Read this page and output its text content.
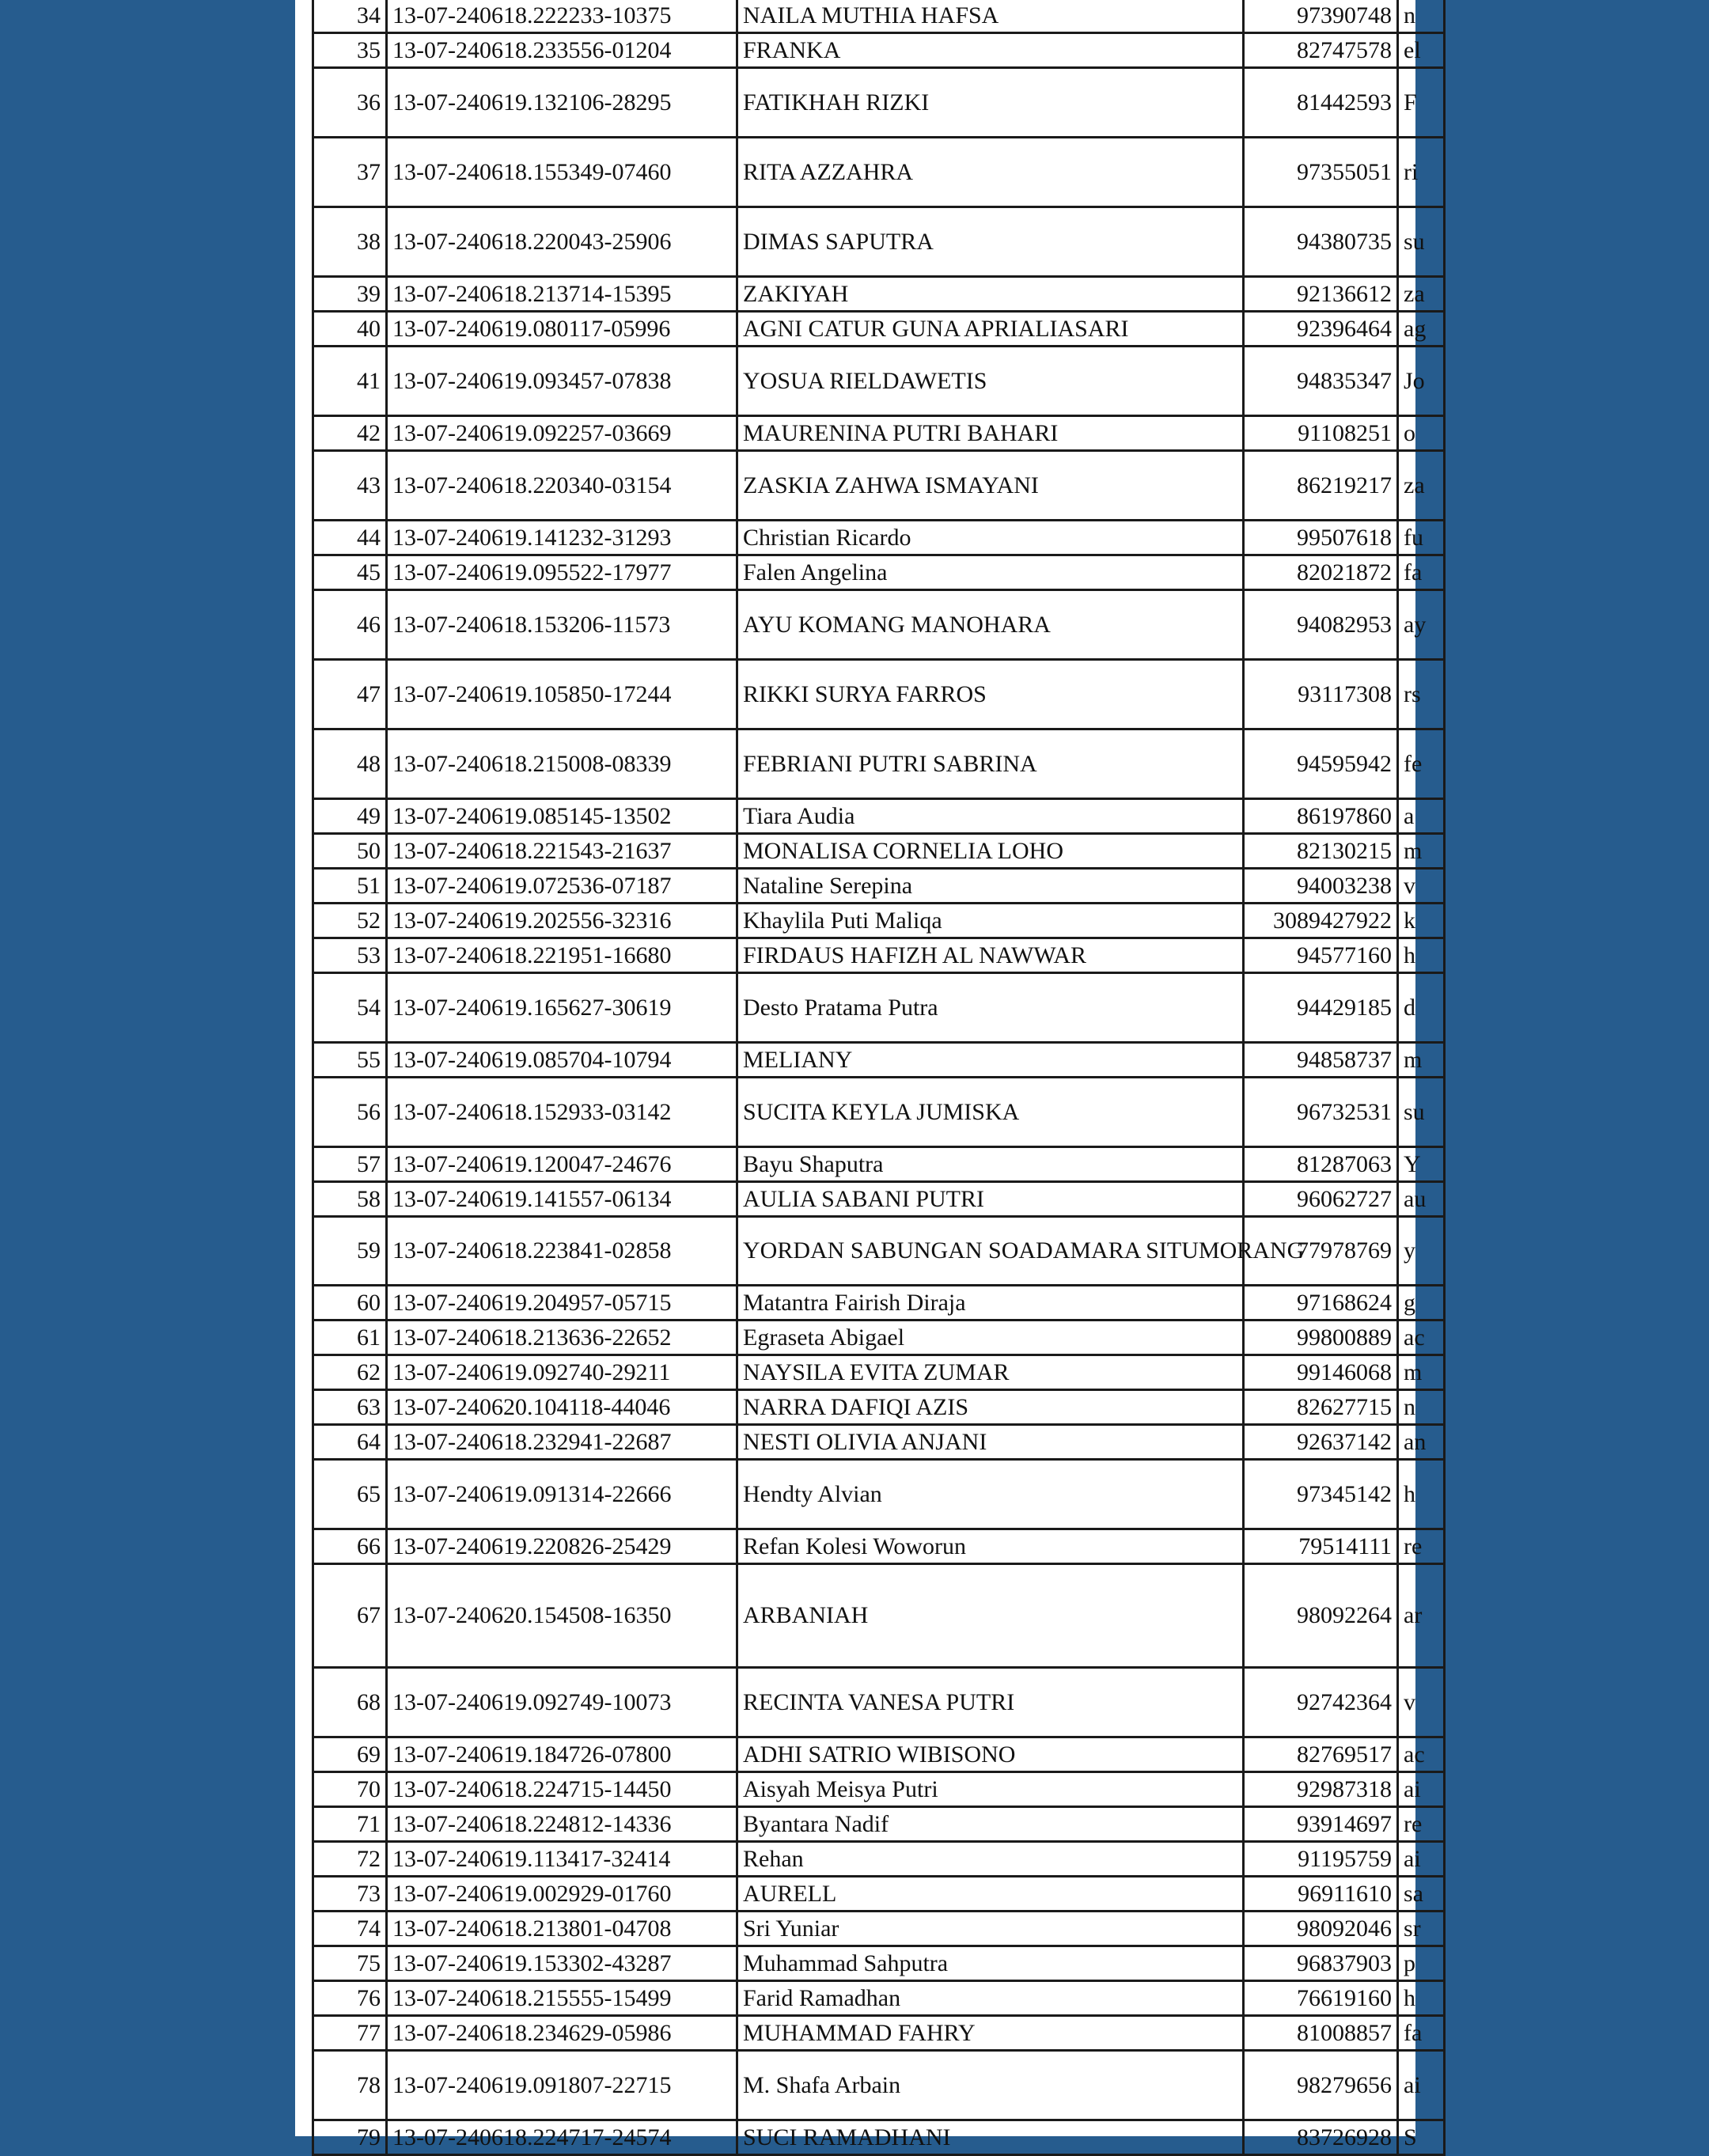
34	13-07-240618.222233-10375	NAILA MUTHIA HAFSA	97390748	n
35	13-07-240618.233556-01204	FRANKA	82747578	el
36	13-07-240619.132106-28295	FATIKHAH RIZKI	81442593	F
37	13-07-240618.155349-07460	RITA AZZAHRA	97355051	ri
38	13-07-240618.220043-25906	DIMAS SAPUTRA	94380735	su
39	13-07-240618.213714-15395	ZAKIYAH	92136612	za
40	13-07-240619.080117-05996	AGNI CATUR GUNA APRIALIASARI	92396464	ag
41	13-07-240619.093457-07838	YOSUA RIELDAWETIS	94835347	Jo
42	13-07-240619.092257-03669	MAURENINA PUTRI BAHARI	91108251	o
43	13-07-240618.220340-03154	ZASKIA ZAHWA ISMAYANI	86219217	za
44	13-07-240619.141232-31293	Christian Ricardo	99507618	fu
45	13-07-240619.095522-17977	Falen Angelina	82021872	fa
46	13-07-240618.153206-11573	AYU KOMANG MANOHARA	94082953	ay
47	13-07-240619.105850-17244	RIKKI SURYA FARROS	93117308	rs
48	13-07-240618.215008-08339	FEBRIANI PUTRI SABRINA	94595942	fe
49	13-07-240619.085145-13502	Tiara Audia	86197860	a
50	13-07-240618.221543-21637	MONALISA CORNELIA LOHO	82130215	m
51	13-07-240619.072536-07187	Nataline Serepina	94003238	v
52	13-07-240619.202556-32316	Khaylila Puti Maliqa	3089427922	k
53	13-07-240618.221951-16680	FIRDAUS HAFIZH AL NAWWAR	94577160	h
54	13-07-240619.165627-30619	Desto Pratama Putra	94429185	d
55	13-07-240619.085704-10794	MELIANY	94858737	m
56	13-07-240618.152933-03142	SUCITA KEYLA JUMISKA	96732531	su
57	13-07-240619.120047-24676	Bayu Shaputra	81287063	Y
58	13-07-240619.141557-06134	AULIA SABANI PUTRI	96062727	au
59	13-07-240618.223841-02858	YORDAN SABUNGAN SOADAMARA SITUMORANG	77978769	y
60	13-07-240619.204957-05715	Matantra Fairish Diraja	97168624	g
61	13-07-240618.213636-22652	Egraseta Abigael	99800889	ac
62	13-07-240619.092740-29211	NAYSILA EVITA ZUMAR	99146068	m
63	13-07-240620.104118-44046	NARRA DAFIQI AZIS	82627715	n
64	13-07-240618.232941-22687	NESTI OLIVIA ANJANI	92637142	an
65	13-07-240619.091314-22666	Hendty Alvian	97345142	h
66	13-07-240619.220826-25429	Refan Kolesi Woworun	79514111	re
67	13-07-240620.154508-16350	ARBANIAH	98092264	ar
68	13-07-240619.092749-10073	RECINTA VANESA PUTRI	92742364	v
69	13-07-240619.184726-07800	ADHI SATRIO WIBISONO	82769517	ac
70	13-07-240618.224715-14450	Aisyah Meisya Putri	92987318	ai
71	13-07-240618.224812-14336	Byantara Nadif	93914697	re
72	13-07-240619.113417-32414	Rehan	91195759	ai
73	13-07-240619.002929-01760	AURELL	96911610	sa
74	13-07-240618.213801-04708	Sri Yuniar	98092046	sr
75	13-07-240619.153302-43287	Muhammad Sahputra	96837903	p
76	13-07-240618.215555-15499	Farid Ramadhan	76619160	h
77	13-07-240618.234629-05986	MUHAMMAD FAHRY	81008857	fa
78	13-07-240619.091807-22715	M. Shafa Arbain	98279656	ai
79	13-07-240618.224717-24574	SUCI RAMADHANI	83726928	S
